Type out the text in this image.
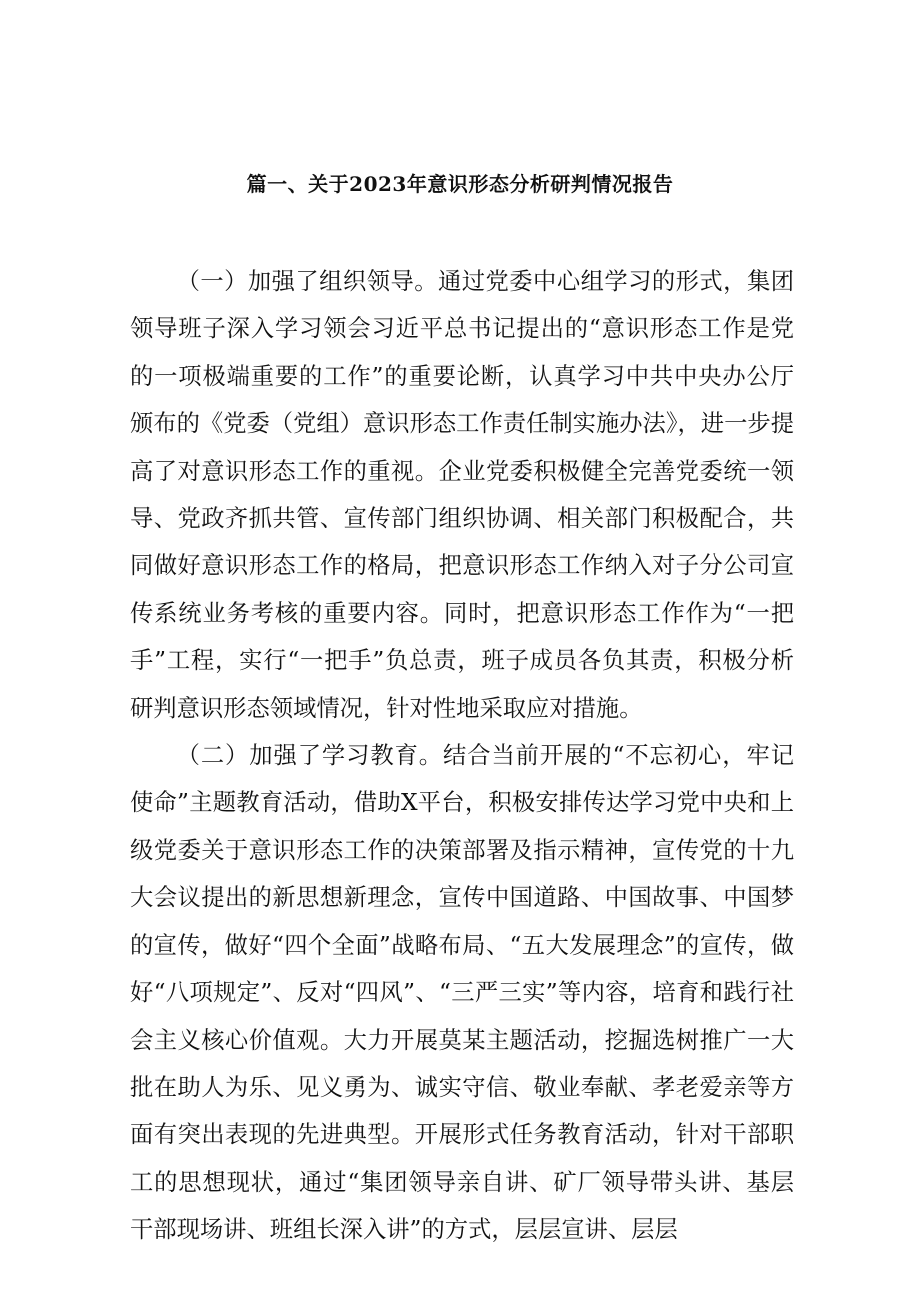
篇一、关于2023年意识形态分析研判情况报告

（一）加强了组织领导。通过党委中心组学习的形式，集团领导班子深入学习领会习近平总书记提出的“意识形态工作是党的一项极端重要的工作”的重要论断，认真学习中共中央办公厅颁布的《党委（党组）意识形态工作责任制实施办法》，进一步提高了对意识形态工作的重视。企业党委积极健全完善党委统一领导、党政齐抓共管、宣传部门组织协调、相关部门积极配合，共同做好意识形态工作的格局，把意识形态工作纳入对子分公司宣传系统业务考核的重要内容。同时，把意识形态工作作为“一把手”工程，实行“一把手”负总责，班子成员各负其责，积极分析研判意识形态领域情况，针对性地采取应对措施。

（二）加强了学习教育。结合当前开展的“不忘初心，牢记使命”主题教育活动，借助X平台，积极安排传达学习党中央和上级党委关于意识形态工作的决策部署及指示精神，宣传党的十九大会议提出的新思想新理念，宣传中国道路、中国故事、中国梦的宣传，做好“四个全面”战略布局、“五大发展理念”的宣传，做好“八项规定”、反对“四风”、“三严三实”等内容，培育和践行社会主义核心价值观。大力开展莫某主题活动，挖掘选树推广一大批在助人为乐、见义勇为、诚实守信、敬业奉献、孝老爱亲等方面有突出表现的先进典型。开展形式任务教育活动，针对干部职工的思想现状，通过“集团领导亲自讲、矿厂领导带头讲、基层干部现场讲、班组长深入讲”的方式，层层宣讲、层层
